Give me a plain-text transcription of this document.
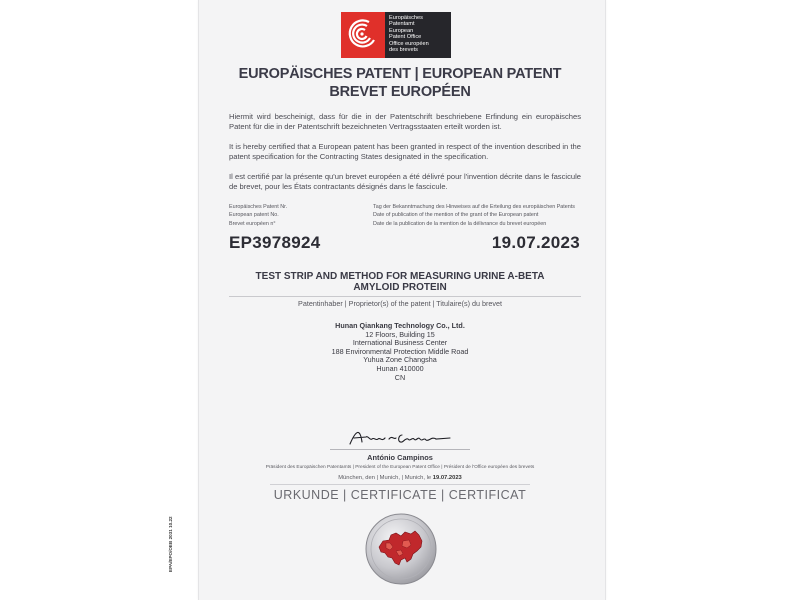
Europäisches
Patentamt
European
Patent Office
Office européen
des brevets
EUROPÄISCHES PATENT | EUROPEAN PATENT
BREVET EUROPÉEN
Hiermit wird bescheinigt, dass für die in der Patentschrift beschriebene Erfindung ein europäisches Patent für die in der Patentschrift bezeichneten Vertragsstaaten erteilt worden ist.
It is hereby certified that a European patent has been granted in respect of the invention described in the patent specification for the Contracting States designated in the specification.
Il est certifié par la présente qu'un brevet européen a été délivré pour l'invention décrite dans le fascicule de brevet, pour les États contractants désignés dans le fascicule.
Europäisches Patent Nr.
European patent No.
Brevet européen n°
EP3978924
Tag der Bekanntmachung des Hinweises auf die Erteilung des europäischen Patents
Date of publication of the mention of the grant of the European patent
Date de la publication de la mention de la délivrance du brevet européen
19.07.2023
TEST STRIP AND METHOD FOR MEASURING URINE A-BETA
AMYLOID PROTEIN
Patentinhaber | Proprietor(s) of the patent | Titulaire(s) du brevet
Hunan Qiankang Technology Co., Ltd.
12 Floors, Building 15
International Business Center
188 Environmental Protection Middle Road
Yuhua Zone Changsha
Hunan 410000
CN
António Campinos
Präsident des Europäischen Patentamts | President of the European Patent Office | Président de l'Office européen des brevets
München, den | Munich, | Munich, le 19.07.2023
URKUNDE | CERTIFICATE | CERTIFICAT
EPA/EPO/OEB 2031 10.22
